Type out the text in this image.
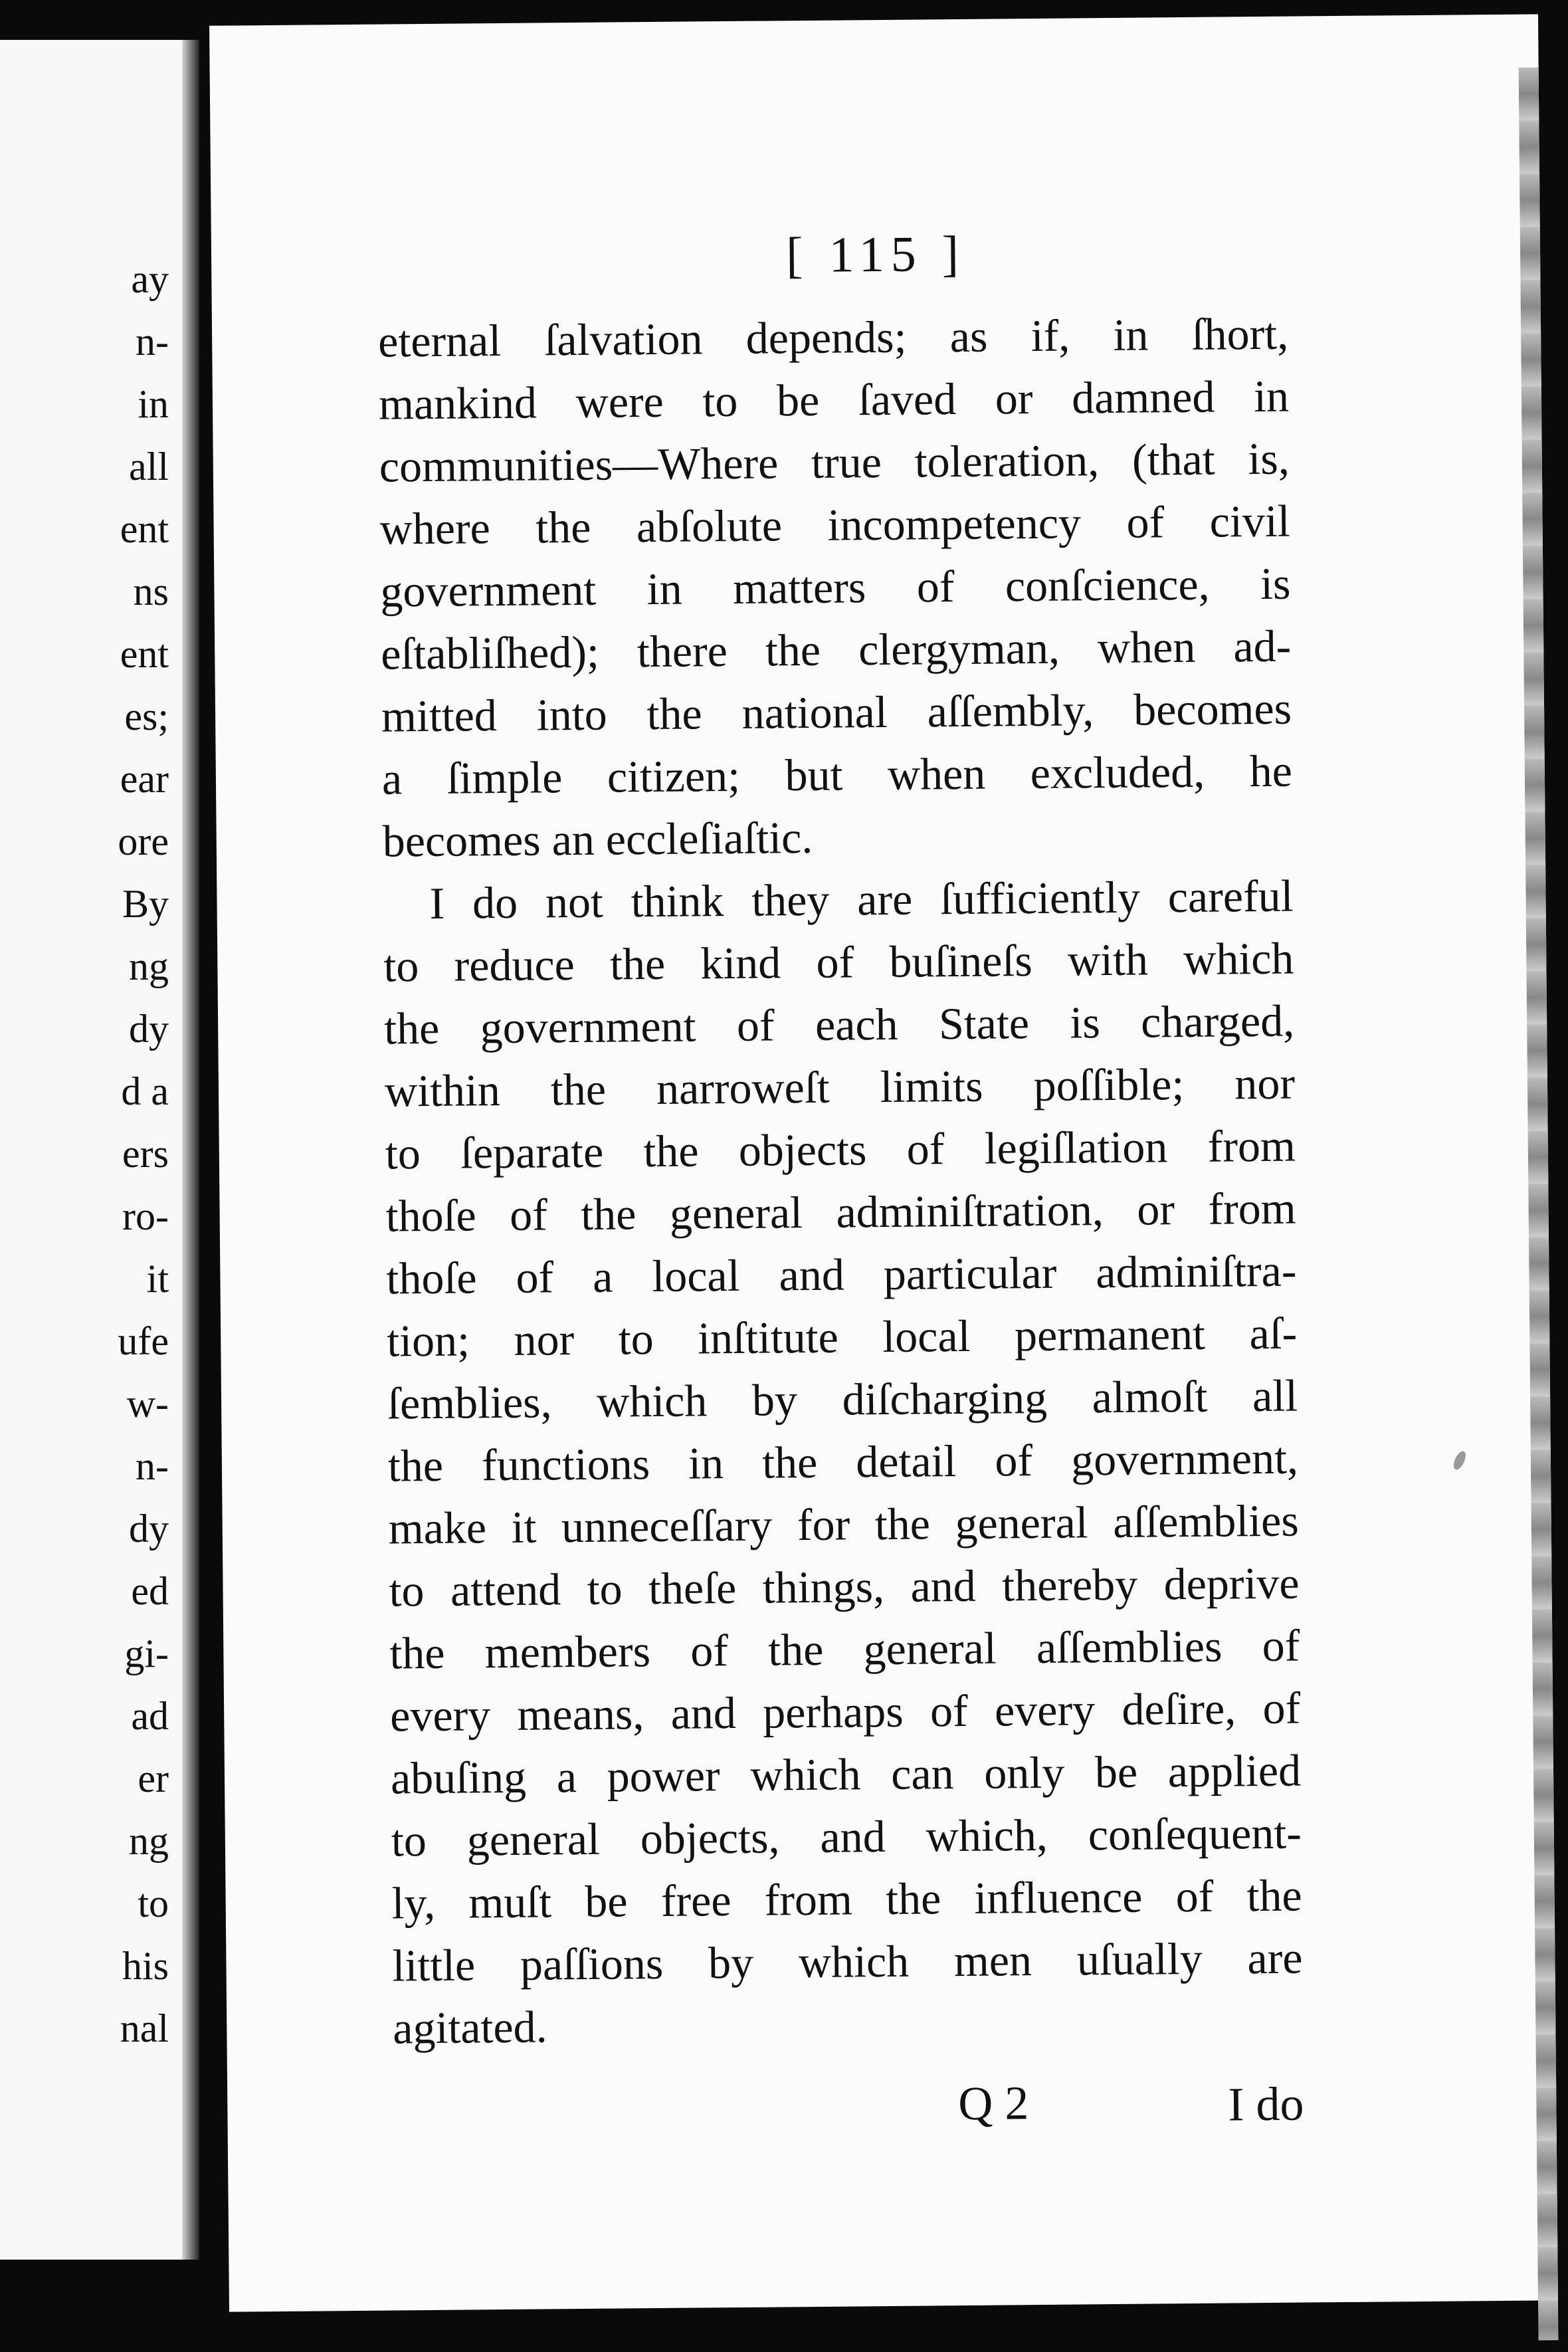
ay
n-
in
all
ent
ns
ent
es;
ear
ore
By
ng
dy
d a
ers
ro-
it
ufe
w-
n-
dy
ed
gi-
ad
er
ng
to
his
nal
[ 115 ]
eternal ſalvation depends; as if, in ſhort,
mankind were to be ſaved or damned in
communities—Where true toleration, (that is,
where the abſolute incompetency of civil
government in matters of conſcience, is
eſtabliſhed); there the clergyman, when ad-
mitted into the national aſſembly, becomes
a ſimple citizen; but when excluded, he
becomes an eccleſiaſtic.
I do not think they are ſufficiently careful
to reduce the kind of buſineſs with which
the government of each State is charged,
within the narroweſt limits poſſible; nor
to ſeparate the objects of legiſlation from
thoſe of the general adminiſtration, or from
thoſe of a local and particular adminiſtra-
tion; nor to inſtitute local permanent aſ-
ſemblies, which by diſcharging almoſt all
the functions in the detail of government,
make it unneceſſary for the general aſſemblies
to attend to theſe things, and thereby deprive
the members of the general aſſemblies of
every means, and perhaps of every deſire, of
abuſing a power which can only be applied
to general objects, and which, conſequent-
ly, muſt be free from the influence of the
little paſſions by which men uſually are
agitated.
Q 2	I do
